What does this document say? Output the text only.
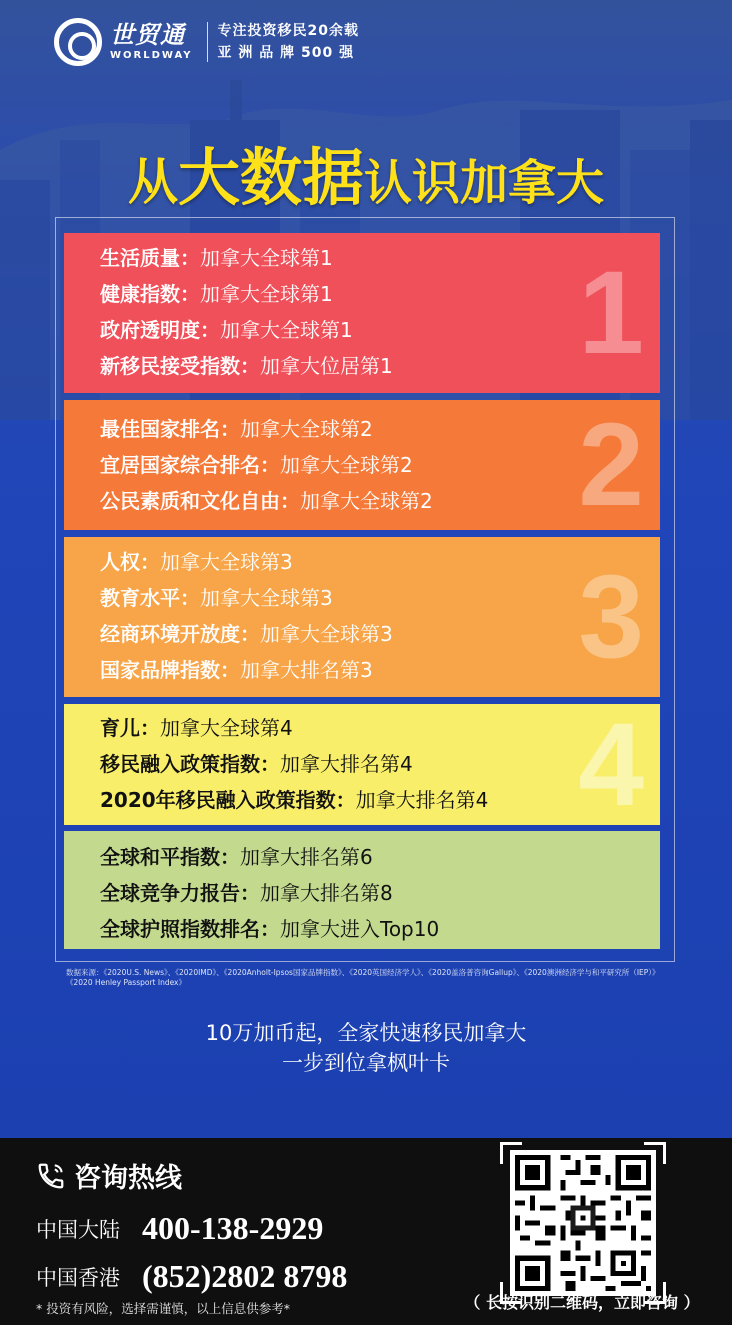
世贸通
WORLDWAY
专注投资移民20余载
亚 洲 品 牌 500 强
从大数据认识加拿大
1
生活质量：加拿大全球第1
健康指数：加拿大全球第1
政府透明度：加拿大全球第1
新移民接受指数：加拿大位居第1
2
最佳国家排名：加拿大全球第2
宜居国家综合排名：加拿大全球第2
公民素质和文化自由：加拿大全球第2
3
人权：加拿大全球第3
教育水平：加拿大全球第3
经商环境开放度：加拿大全球第3
国家品牌指数：加拿大排名第3
4
育儿：加拿大全球第4
移民融入政策指数：加拿大排名第4
2020年移民融入政策指数：加拿大排名第4
全球和平指数：加拿大排名第6
全球竞争力报告：加拿大排名第8
全球护照指数排名：加拿大进入Top10
数据来源：《2020U.S. News》、《2020IMD》、《2020Anholt-Ipsos国家品牌指数》、《2020英国经济学人》、《2020盖洛普咨询Gallup》、《2020澳洲经济学与和平研究所（IEP）》《2020 Henley Passport Index》
10万加币起，全家快速移民加拿大
一步到位拿枫叶卡
咨询热线
中国大陆 400-138-2929
中国香港 (852)2802 8798
* 投资有风险，选择需谨慎，以上信息供参考*	（ 长按识别二维码，立即咨询 ）
